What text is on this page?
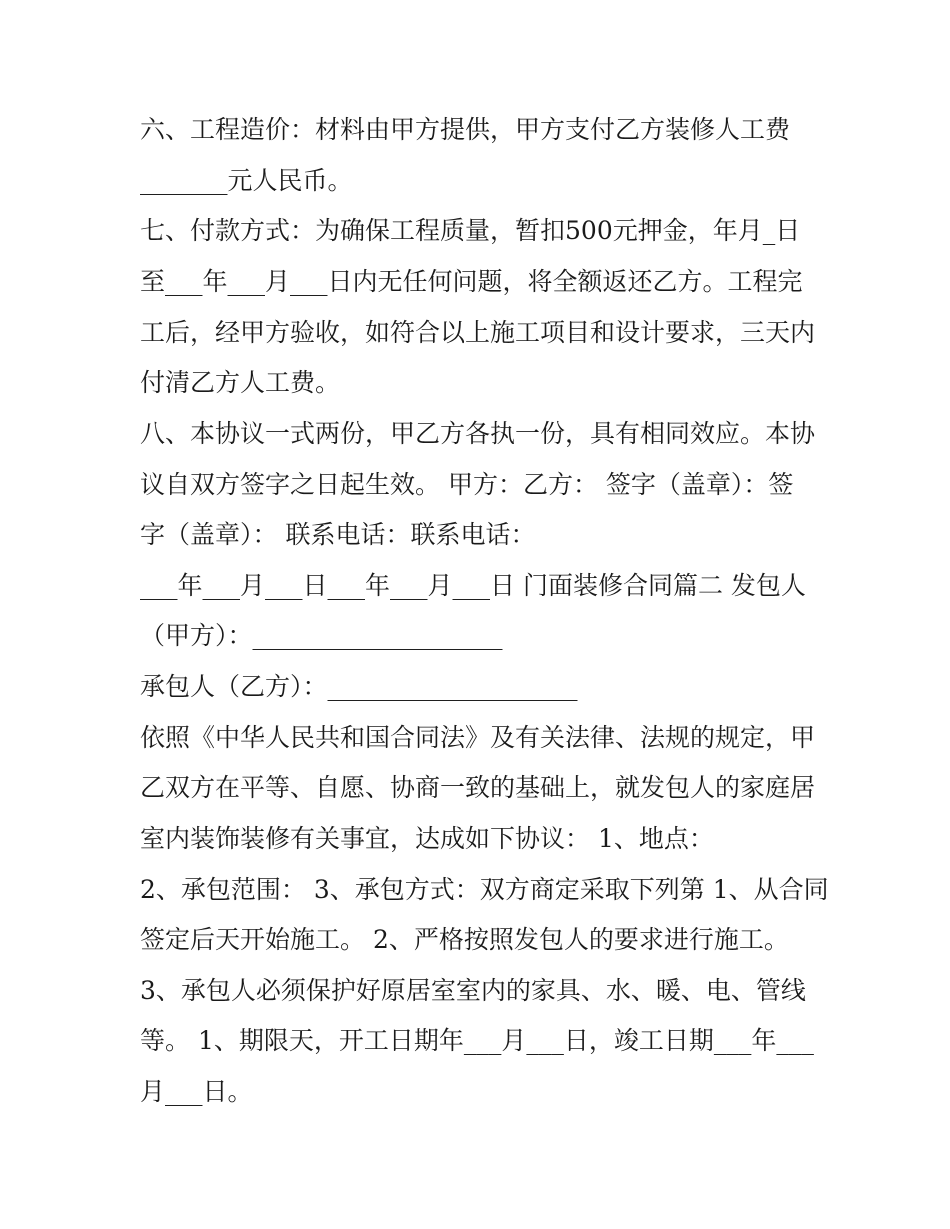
六、工程造价：材料由甲方提供，甲方支付乙方装修人工费
_______元人民币。
七、付款方式：为确保工程质量，暂扣500元押金，年月_日
至___年___月___日内无任何问题，将全额返还乙方。工程完
工后，经甲方验收，如符合以上施工项目和设计要求，三天内
付清乙方人工费。
八、本协议一式两份，甲乙方各执一份，具有相同效应。本协
议自双方签字之日起生效。 甲方：乙方： 签字（盖章）：签
字（盖章）： 联系电话：联系电话：
___年___月___日___年___月___日 门面装修合同篇二 发包人
（甲方）：____________________
承包人（乙方）：____________________
依照《中华人民共和国合同法》及有关法律、法规的规定，甲
乙双方在平等、自愿、协商一致的基础上，就发包人的家庭居
室内装饰装修有关事宜，达成如下协议： 1、地点：
2、承包范围： 3、承包方式：双方商定采取下列第 1、从合同
签定后天开始施工。 2、严格按照发包人的要求进行施工。
3、承包人必须保护好原居室室内的家具、水、暖、电、管线
等。 1、期限天，开工日期年___月___日，竣工日期___年___
月___日。
